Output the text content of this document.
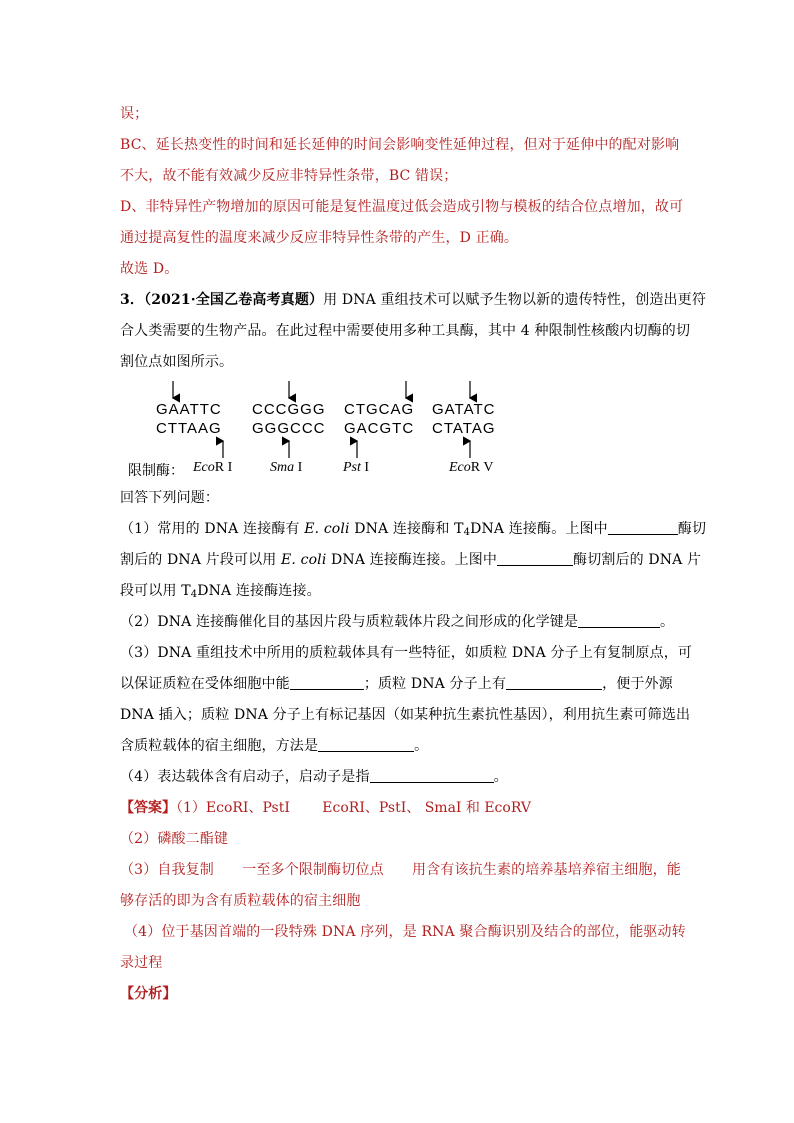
误；
BC、延长热变性的时间和延长延伸的时间会影响变性延伸过程，但对于延伸中的配对影响
不大，故不能有效减少反应非特异性条带，BC 错误；
D、非特异性产物增加的原因可能是复性温度过低会造成引物与模板的结合位点增加，故可
通过提高复性的温度来减少反应非特异性条带的产生，D 正确。
故选 D。
3．（2021·全国乙卷高考真题）用 DNA 重组技术可以赋予生物以新的遗传特性，创造出更符
合人类需要的生物产品。在此过程中需要使用多种工具酶，其中 4 种限制性核酸内切酶的切
割位点如图所示。
GAATTC
CTTAAG
CCCGGG
GGGCCC
CTGCAG
GACGTC
GATATC
CTATAG
限制酶： EcoR I	Sma I	Pst I	EcoR V
回答下列问题：
（1）常用的 DNA 连接酶有 E. coli DNA 连接酶和 $T_4DNA$ 连接酶。上图中	酶切
割后的 DNA 片段可以用 E. coli DNA 连接酶连接。上图中	酶切割后的 DNA 片
段可以用 $T_4DNA$ 连接酶连接。
（2）DNA 连接酶催化目的基因片段与质粒载体片段之间形成的化学键是	。
（3）DNA 重组技术中所用的质粒载体具有一些特征，如质粒 DNA 分子上有复制原点，可
以保证质粒在受体细胞中能	；质粒 DNA 分子上有	，便于外源
DNA 插入；质粒 DNA 分子上有标记基因（如某种抗生素抗性基因），利用抗生素可筛选出
含质粒载体的宿主细胞，方法是	。
（4）表达载体含有启动子，启动子是指	。
【答案】（1）EcoRI、PstI　　 EcoRI、PstI、 SmaI 和 EcoRV
（2）磷酸二酯键
（3）自我复制　　一至多个限制酶切位点　　用含有该抗生素的培养基培养宿主细胞，能
够存活的即为含有质粒载体的宿主细胞
（4）位于基因首端的一段特殊 DNA 序列，是 RNA 聚合酶识别及结合的部位，能驱动转
录过程
【分析】
